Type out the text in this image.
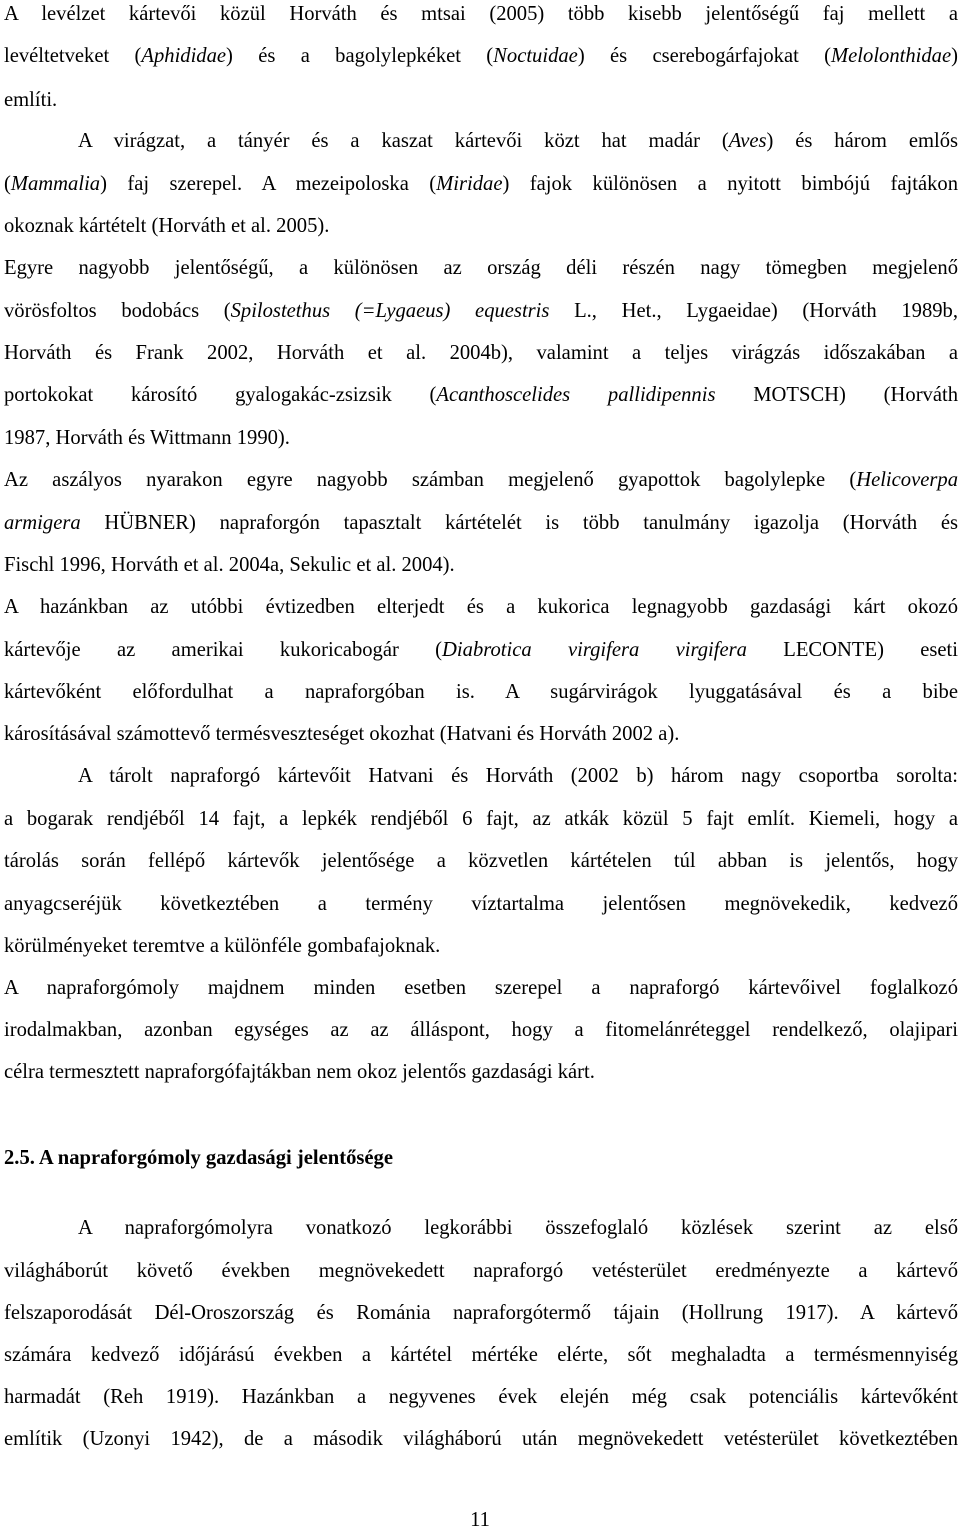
A levélzet kártevői közül Horváth és mtsai (2005) több kisebb jelentőségű faj mellett a
levéltetveket (Aphididae) és a bagolylepkéket (Noctuidae) és cserebogárfajokat (Melolonthidae)
említi.
A virágzat, a tányér és a kaszat kártevői közt hat madár (Aves) és három emlős
(Mammalia) faj szerepel. A mezeipoloska (Miridae) fajok különösen a nyitott bimbójú fajtákon
okoznak kártételt (Horváth et al. 2005).
Egyre nagyobb jelentőségű, a különösen az ország déli részén nagy tömegben megjelenő
vörösfoltos bodobács (Spilostethus (=Lygaeus) equestris L., Het., Lygaeidae) (Horváth 1989b,
Horváth és Frank 2002, Horváth et al. 2004b), valamint a teljes virágzás időszakában a
portokokat károsító gyalogakác-zsizsik (Acanthoscelides pallidipennis MOTSCH) (Horváth
1987, Horváth és Wittmann 1990).
Az aszályos nyarakon egyre nagyobb számban megjelenő gyapottok bagolylepke (Helicoverpa
armigera HÜBNER) napraforgón tapasztalt kártételét is több tanulmány igazolja (Horváth és
Fischl 1996, Horváth et al. 2004a, Sekulic et al. 2004).
A hazánkban az utóbbi évtizedben elterjedt és a kukorica legnagyobb gazdasági kárt okozó
kártevője az amerikai kukoricabogár (Diabrotica virgifera virgifera LECONTE) eseti
kártevőként előfordulhat a napraforgóban is. A sugárvirágok lyuggatásával és a bibe
károsításával számottevő termésveszteséget okozhat (Hatvani és Horváth 2002 a).
A tárolt napraforgó kártevőit Hatvani és Horváth (2002 b) három nagy csoportba sorolta:
a bogarak rendjéből 14 fajt, a lepkék rendjéből 6 fajt, az atkák közül 5 fajt említ. Kiemeli, hogy a
tárolás során fellépő kártevők jelentősége a közvetlen kártételen túl abban is jelentős, hogy
anyagcseréjük következtében a termény víztartalma jelentősen megnövekedik, kedvező
körülményeket teremtve a különféle gombafajoknak.
A napraforgómoly majdnem minden esetben szerepel a napraforgó kártevőivel foglalkozó
irodalmakban, azonban egységes az az álláspont, hogy a fitomelánréteggel rendelkező, olajipari
célra termesztett napraforgófajtákban nem okoz jelentős gazdasági kárt.
A napraforgómolyra vonatkozó legkorábbi összefoglaló közlések szerint az első
világháborút követő években megnövekedett napraforgó vetésterület eredményezte a kártevő
felszaporodását Dél-Oroszország és Románia napraforgótermő tájain (Hollrung 1917). A kártevő
számára kedvező időjárású években a kártétel mértéke elérte, sőt meghaladta a termésmennyiség
harmadát (Reh 1919). Hazánkban a negyvenes évek elején még csak potenciális kártevőként
említik (Uzonyi 1942), de a második világháború után megnövekedett vetésterület következtében
2.5. A napraforgómoly gazdasági jelentősége
11
